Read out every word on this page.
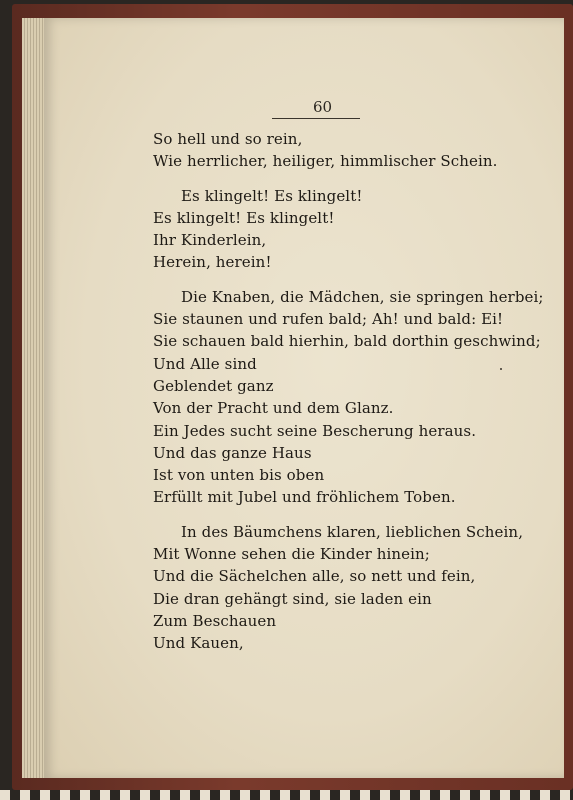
60
So hell und so rein,
Wie herrlicher, heiliger, himmlischer Schein.
Es klingelt! Es klingelt!
Es klingelt! Es klingelt!
Ihr Kinderlein,
Herein, herein!
Die Knaben, die Mädchen, sie springen herbei;
Sie staunen und rufen bald; Ah! und bald: Ei!
Sie schauen bald hierhin, bald dorthin geschwind;
Und Alle sind
Geblendet ganz
Von der Pracht und dem Glanz.
Ein Jedes sucht seine Bescherung heraus.
Und das ganze Haus
Ist von unten bis oben
Erfüllt mit Jubel und fröhlichem Toben.
In des Bäumchens klaren, lieblichen Schein,
Mit Wonne sehen die Kinder hinein;
Und die Sächelchen alle, so nett und fein,
Die dran gehängt sind, sie laden ein
Zum Beschauen
Und Kauen,
